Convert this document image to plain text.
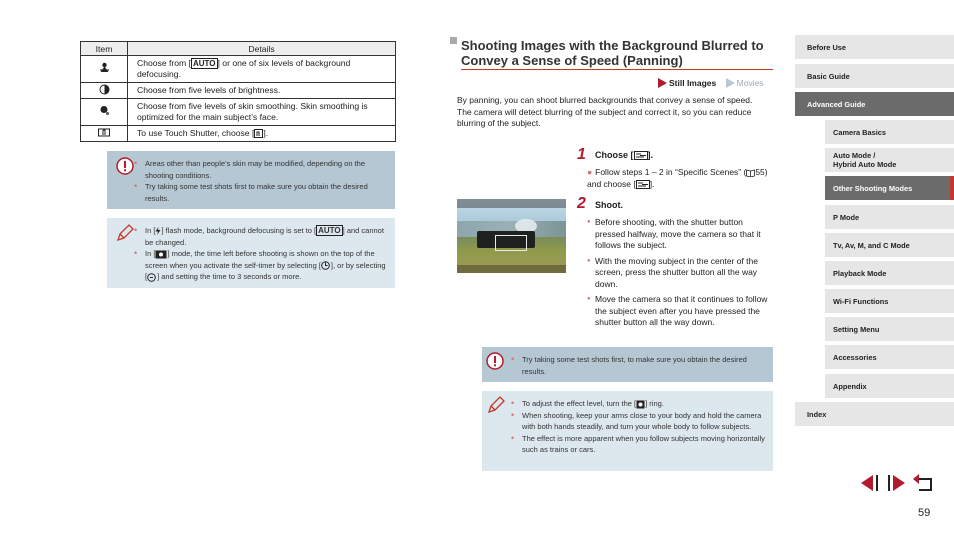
Item	Details
	Choose from [ AUTO ] or one of six levels of background defocusing.
	Choose from five levels of brightness.
	Choose from five levels of skin smoothing. Skin smoothing is optimized for the main subject’s face.
	To use Touch Shutter, choose [ ].
• Areas other than people’s skin may be modified, depending on the shooting conditions.
• Try taking some test shots first to make sure you obtain the desired results.
• In [ ] flash mode, background defocusing is set to [ AUTO ] and cannot be changed.
• In [ ] mode, the time left before shooting is shown on the top of the screen when you activate the self-timer by selecting [ ], or by selecting [ ] and setting the time to 3 seconds or more.
Shooting Images with the Background Blurred to Convey a Sense of Speed (Panning)
Still Images
Movies

By panning, you can shoot blurred backgrounds that convey a sense of speed.
The camera will detect blurring of the subject and correct it, so you can reduce blurring of the subject.

1 Choose [ ].
● Follow steps 1 – 2 in “Specific Scenes” ( 55) and choose [ ].
2 Shoot.
● Before shooting, with the shutter button pressed halfway, move the camera so that it follows the subject.
● With the moving subject in the center of the screen, press the shutter button all the way down.
● Move the camera so that it continues to follow the subject even after you have pressed the shutter button all the way down.
• Try taking some test shots first, to make sure you obtain the desired results.
• To adjust the effect level, turn the [ ] ring.
• When shooting, keep your arms close to your body and hold the camera with both hands steadily, and turn your whole body to follow subjects.
• The effect is more apparent when you follow subjects moving horizontally such as trains or cars.
Before Use
Basic Guide
Advanced Guide
Camera Basics
Auto Mode /
Hybrid Auto Mode
Other Shooting Modes
P Mode
Tv, Av, M, and C Mode
Playback Mode
Wi-Fi Functions
Setting Menu
Accessories
Appendix
Index
59
